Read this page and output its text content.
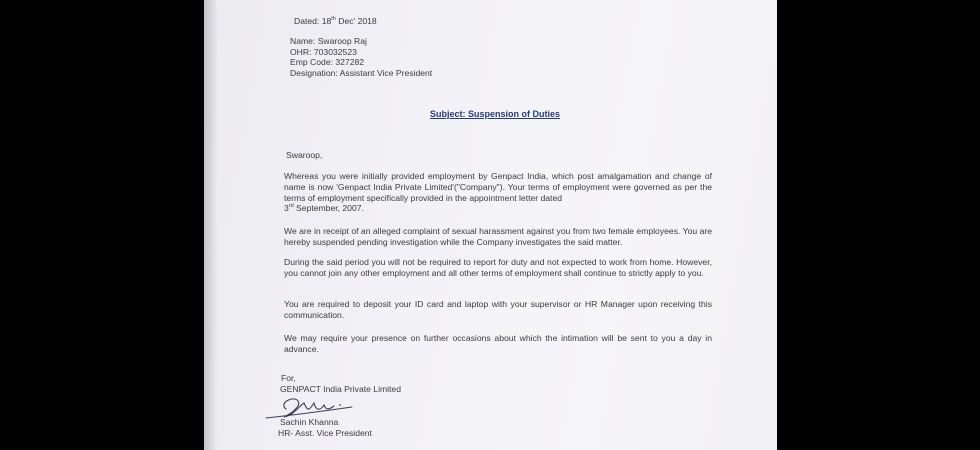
Dated: 18th Dec' 2018
Name: Swaroop Raj
OHR: 703032523
Emp Code: 327282
Designation: Assistant Vice President
Subject: Suspension of Duties
Swaroop,
Whereas you were initially provided employment by Genpact India, which post amalgamation and change of name is now 'Genpact India Private Limited'("Company"). Your terms of employment were governed as per the terms of employment specifically provided in the appointment letter dated
3rd September, 2007.
We are in receipt of an alleged complaint of sexual harassment against you from two female employees. You are hereby suspended pending investigation while the Company investigates the said matter.
During the said period you will not be required to report for duty and not expected to work from home. However, you cannot join any other employment and all other terms of employment shall continue to strictly apply to you.
You are required to deposit your ID card and laptop with your supervisor or HR Manager upon receiving this communication.
We may require your presence on further occasions about which the intimation will be sent to you a day in advance.
For,
GENPACT India Private Limited
Sachin Khanna
HR- Asst. Vice President
